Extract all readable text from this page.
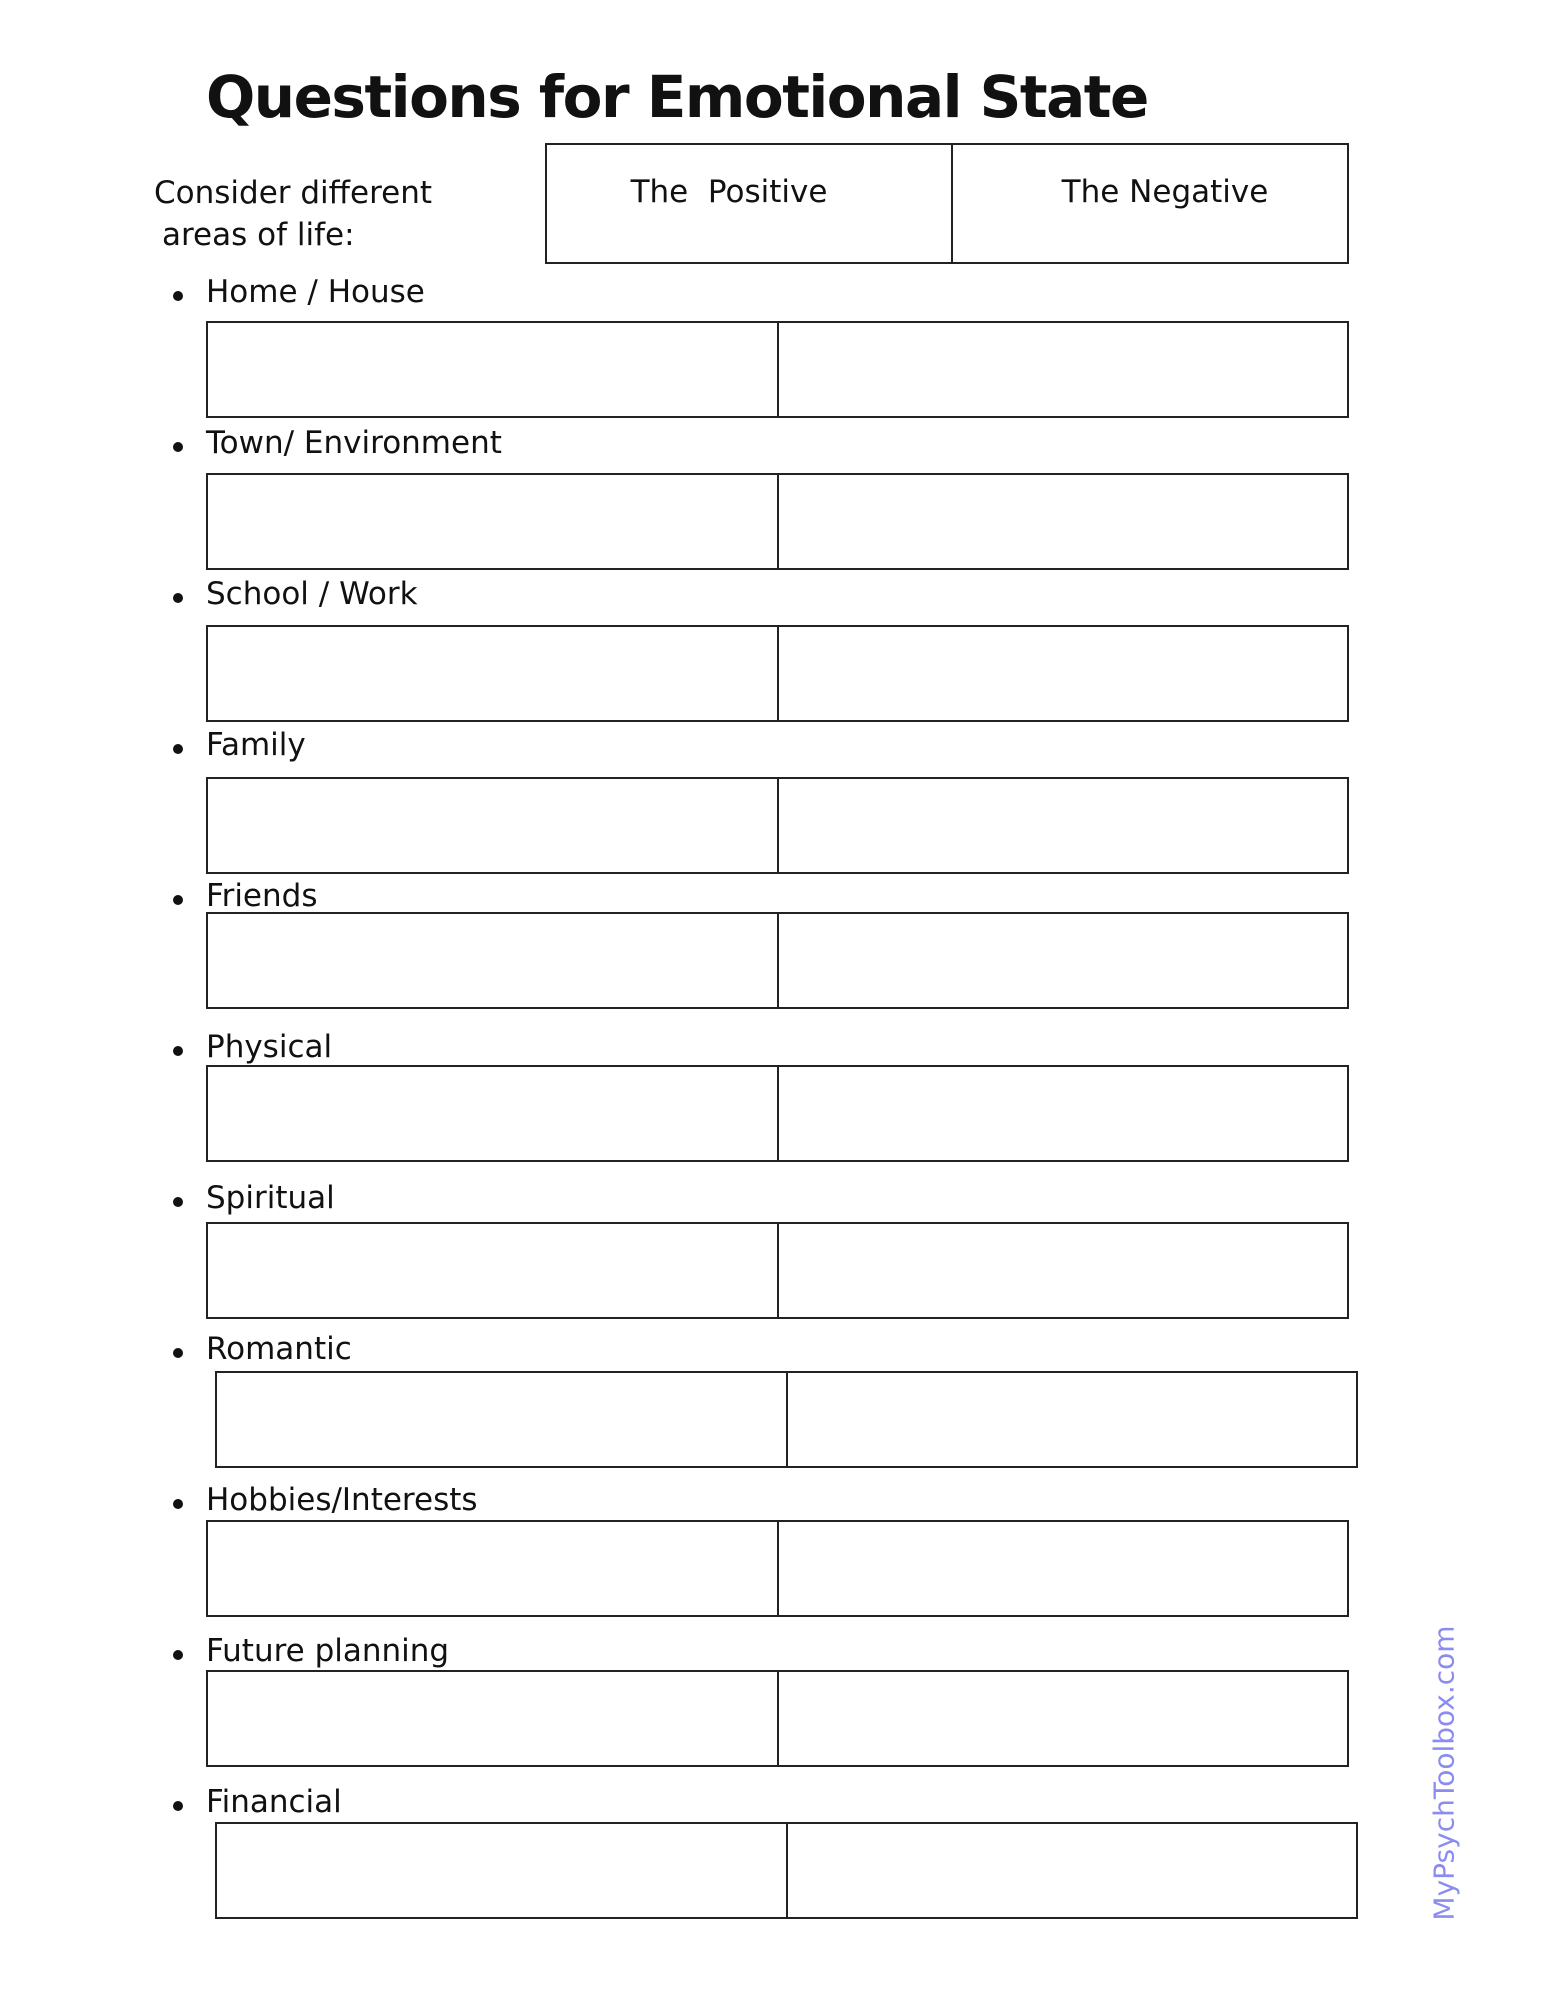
Questions for Emotional State
Consider different
areas of life:
The  Positive	The Negative
Home / House
Town/ Environment
School / Work
Family
Friends
Physical
Spiritual
Romantic
Hobbies/Interests
Future planning
Financial	MyPsychToolbox.com
